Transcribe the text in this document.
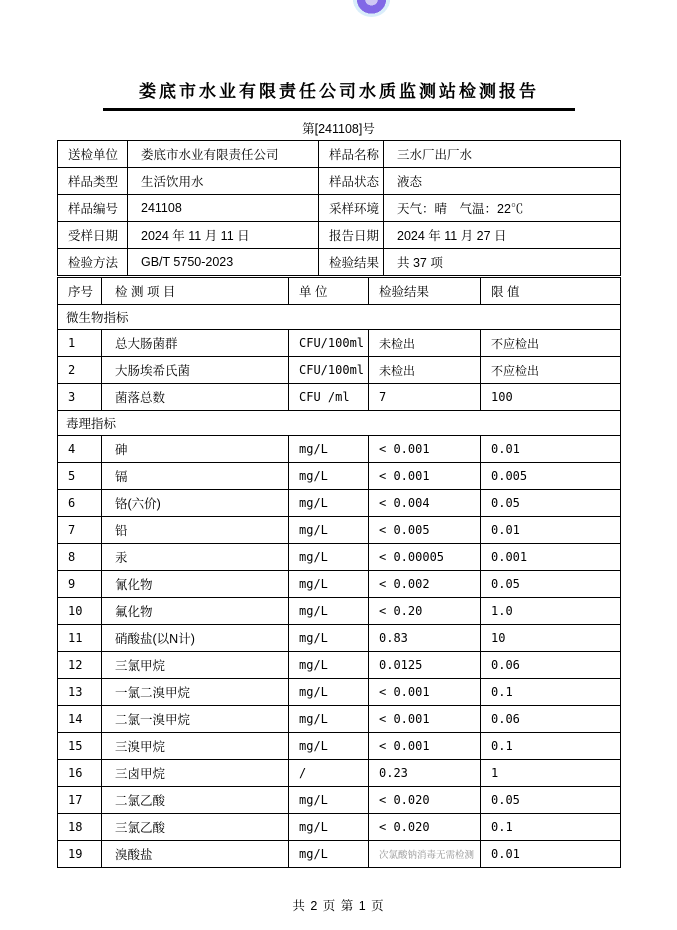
娄底市水业有限责任公司水质监测站检测报告
第[241108]号
送检单位	娄底市水业有限责任公司	样品名称	三水厂出厂水
样品类型	生活饮用水	样品状态	液态
样品编号	241108	采样环境	天气：晴　气温：22℃
受样日期	2024 年 11 月 11 日	报告日期	2024 年 11 月 27 日
检验方法	GB/T 5750-2023	检验结果	共 37 项
序号	检 测 项 目	单 位	检验结果	限 值
微生物指标				
1	总大肠菌群	CFU/100ml	未检出	不应检出
2	大肠埃希氏菌	CFU/100ml	未检出	不应检出
3	菌落总数	CFU /ml	7	100
毒理指标				
4	砷	mg/L	< 0.001	0.01
5	镉	mg/L	< 0.001	0.005
6	铬(六价)	mg/L	< 0.004	0.05
7	铅	mg/L	< 0.005	0.01
8	汞	mg/L	< 0.00005	0.001
9	氰化物	mg/L	< 0.002	0.05
10	氟化物	mg/L	< 0.20	1.0
11	硝酸盐(以N计)	mg/L	0.83	10
12	三氯甲烷	mg/L	0.0125	0.06
13	一氯二溴甲烷	mg/L	< 0.001	0.1
14	二氯一溴甲烷	mg/L	< 0.001	0.06
15	三溴甲烷	mg/L	< 0.001	0.1
16	三卤甲烷	/	0.23	1
17	二氯乙酸	mg/L	< 0.020	0.05
18	三氯乙酸	mg/L	< 0.020	0.1
19	溴酸盐	mg/L	次氯酸钠消毒无需检测	0.01
共 2 页 第 1 页
